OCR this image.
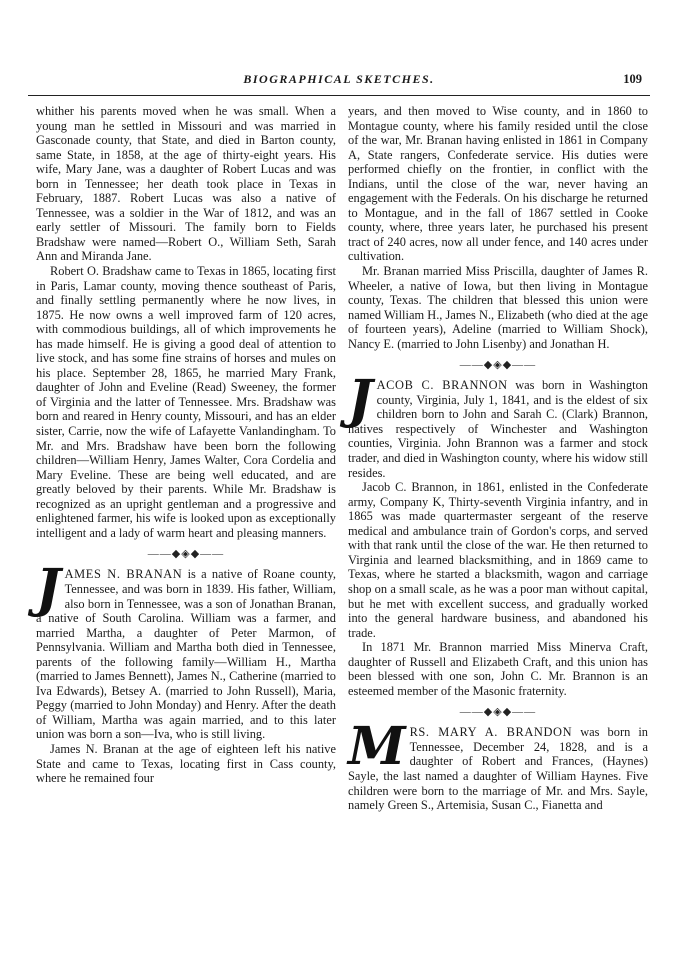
BIOGRAPHICAL SKETCHES.	109

whither his parents moved when he was small. When a young man he settled in Missouri and was married in Gasconade county, that State, and died in Barton county, same State, in 1858, at the age of thirty-eight years. His wife, Mary Jane, was a daughter of Robert Lucas and was born in Tennessee; her death took place in Texas in February, 1887. Robert Lucas was also a native of Tennessee, was a soldier in the War of 1812, and was an early settler of Missouri. The family born to Fields Bradshaw were named—Robert O., William Seth, Sarah Ann and Miranda Jane.

Robert O. Bradshaw came to Texas in 1865, locating first in Paris, Lamar county, moving thence southeast of Paris, and finally settling permanently where he now lives, in 1875. He now owns a well improved farm of 120 acres, with commodious buildings, all of which improvements he has made himself. He is giving a good deal of attention to live stock, and has some fine strains of horses and mules on his place. September 28, 1865, he married Mary Frank, daughter of John and Eveline (Read) Sweeney, the former of Virginia and the latter of Tennessee. Mrs. Bradshaw was born and reared in Henry county, Missouri, and has an elder sister, Carrie, now the wife of Lafayette Vanlandingham. To Mr. and Mrs. Bradshaw have been born the following children—William Henry, James Walter, Cora Cordelia and Mary Eveline. These are being well educated, and are greatly beloved by their parents. While Mr. Bradshaw is recognized as an upright gentleman and a progressive and enlightened farmer, his wife is looked upon as exceptionally intelligent and a lady of warm heart and pleasing manners.

——◆◈◆——

JAMES N. BRANAN is a native of Roane county, Tennessee, and was born in 1839. His father, William, also born in Tennessee, was a son of Jonathan Branan, a native of South Carolina. William was a farmer, and married Martha, a daughter of Peter Marmon, of Pennsylvania. William and Martha both died in Tennessee, parents of the following family—William H., Martha (married to James Bennett), James N., Catherine (married to Iva Edwards), Betsey A. (married to John Russell), Maria, Peggy (married to John Monday) and Henry. After the death of William, Martha was again married, and to this later union was born a son—Iva, who is still living.

James N. Branan at the age of eighteen left his native State and came to Texas, locating first in Cass county, where he remained four

years, and then moved to Wise county, and in 1860 to Montague county, where his family resided until the close of the war, Mr. Branan having enlisted in 1861 in Company A, State rangers, Confederate service. His duties were performed chiefly on the frontier, in conflict with the Indians, until the close of the war, never having an engagement with the Federals. On his discharge he returned to Montague, and in the fall of 1867 settled in Cooke county, where, three years later, he purchased his present tract of 240 acres, now all under fence, and 140 acres under cultivation.

Mr. Branan married Miss Priscilla, daughter of James R. Wheeler, a native of Iowa, but then living in Montague county, Texas. The children that blessed this union were named William H., James N., Elizabeth (who died at the age of fourteen years), Adeline (married to William Shock), Nancy E. (married to John Lisenby) and Jonathan H.

——◆◈◆——

JACOB C. BRANNON was born in Washington county, Virginia, July 1, 1841, and is the eldest of six children born to John and Sarah C. (Clark) Brannon, natives respectively of Winchester and Washington counties, Virginia. John Brannon was a farmer and stock trader, and died in Washington county, where his widow still resides.

Jacob C. Brannon, in 1861, enlisted in the Confederate army, Company K, Thirty-seventh Virginia infantry, and in 1865 was made quartermaster sergeant of the reserve medical and ambulance train of Gordon's corps, and served with that rank until the close of the war. He then returned to Virginia and learned blacksmithing, and in 1869 came to Texas, where he started a blacksmith, wagon and carriage shop on a small scale, as he was a poor man without capital, but he met with excellent success, and gradually worked into the general hardware business, and abandoned his trade.

In 1871 Mr. Brannon married Miss Minerva Craft, daughter of Russell and Elizabeth Craft, and this union has been blessed with one son, John C. Mr. Brannon is an esteemed member of the Masonic fraternity.

——◆◈◆——

MRS. MARY A. BRANDON was born in Tennessee, December 24, 1828, and is a daughter of Robert and Frances, (Haynes) Sayle, the last named a daughter of William Haynes. Five children were born to the marriage of Mr. and Mrs. Sayle, namely Green S., Artemisia, Susan C., Fianetta and
